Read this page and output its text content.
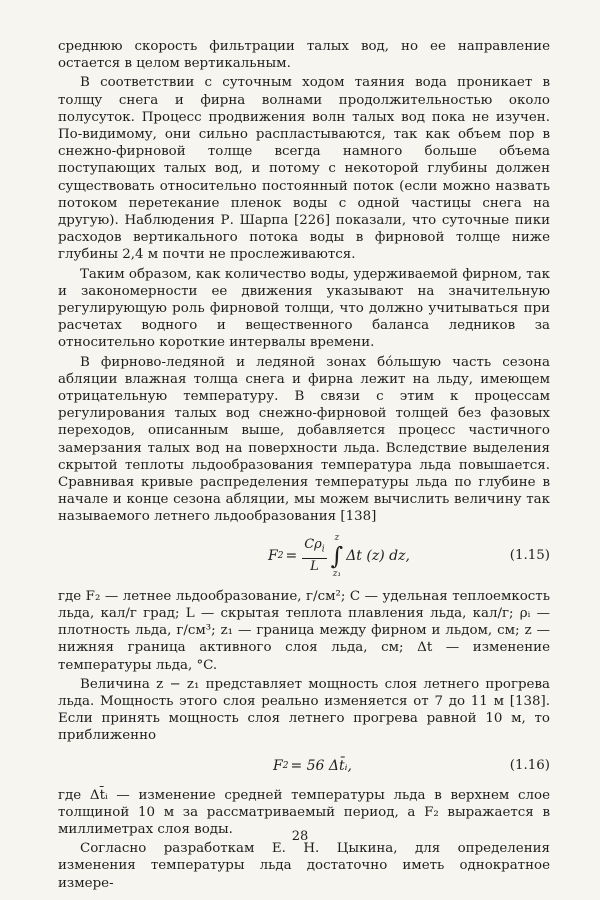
среднюю скорость фильтрации талых вод, но ее направление остается в целом вертикальным.

В соответствии с суточным ходом таяния вода проникает в толщу снега и фирна волнами продолжительностью около полусуток. Процесс продвижения волн талых вод пока не изучен. По-видимому, они сильно распластываются, так как объем пор в снежно-фирновой толще всегда намного больше объема поступающих талых вод, и потому с некоторой глубины должен существовать относительно постоянный поток (если можно назвать потоком перетекание пленок воды с одной частицы снега на другую). Наблюдения Р. Шарпа [226] показали, что суточные пики расходов вертикального потока воды в фирновой толще ниже глубины 2,4 м почти не прослеживаются.

Таким образом, как количество воды, удерживаемой фирном, так и закономерности ее движения указывают на значительную регулирующую роль фирновой толщи, что должно учитываться при расчетах водного и вещественного баланса ледников за относительно короткие интервалы времени.

В фирново-ледяной и ледяной зонах бо́льшую часть сезона абляции влажная толща снега и фирна лежит на льду, имеющем отрицательную температуру. В связи с этим к процессам регулирования талых вод снежно-фирновой толщей без фазовых переходов, описанным выше, добавляется процесс частичного замерзания талых вод на поверхности льда. Вследствие выделения скрытой теплоты льдообразования температура льда повышается. Сравнивая кривые распределения температуры льда по глубине в начале и конце сезона абляции, мы можем вычислить величину так называемого летнего льдообразования [138]

F $2 = \frac{C\rho_i}{L}$ z
∫
z₁
Δt (z) dz,	(1.15)

где F₂ — летнее льдообразование, г/см²; C — удельная теплоемкость льда, кал/г град; L — скрытая теплота плавления льда, кал/г; ρᵢ — плотность льда, г/см³; z₁ — граница между фирном и льдом, см; z — нижняя граница активного слоя льда, см; Δt — изменение температуры льда, °C.

Величина z − z₁ представляет мощность слоя летнего прогрева льда. Мощность этого слоя реально изменяется от 7 до 11 м [138]. Если принять мощность слоя летнего прогрева равной 10 м, то приближенно

F 2 = 56 Δt̄ᵢ,	(1.16)

где Δt̄ᵢ — изменение средней температуры льда в верхнем слое толщиной 10 м за рассматриваемый период, а F₂ выражается в миллиметрах слоя воды.

Согласно разработкам Е. Н. Цыкина, для определения изменения температуры льда достаточно иметь однократное измере-

28
